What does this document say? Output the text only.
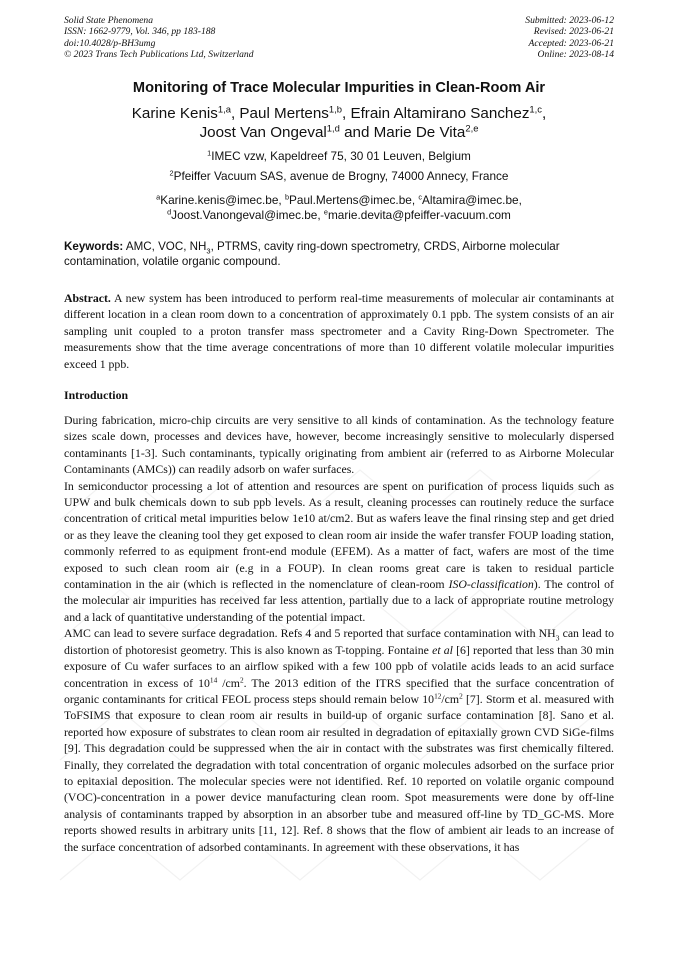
Solid State Phenomena
ISSN: 1662-9779, Vol. 346, pp 183-188
doi:10.4028/p-BH3umg
© 2023 Trans Tech Publications Ltd, Switzerland
Submitted: 2023-06-12
Revised: 2023-06-21
Accepted: 2023-06-21
Online: 2023-08-14
Monitoring of Trace Molecular Impurities in Clean-Room Air
Karine Kenis$^{1,a}$, Paul Mertens$^{1,b}$, Efrain Altamirano Sanchez$^{1,c}$,
Joost Van Ongeval$^{1,d}$ and Marie De Vita$^{2,e}$
$^1$IMEC vzw, Kapeldreef 75, 30 01 Leuven, Belgium
$^2$Pfeiffer Vacuum SAS, avenue de Brogny, 74000 Annecy, France
$^a$Karine.kenis@imec.be, $^b$Paul.Mertens@imec.be, $^c$Altamira@imec.be,
$^d$Joost.Vanongeval@imec.be, $^e$marie.devita@pfeiffer-vacuum.com
Keywords: AMC, VOC, $NH_3$, PTRMS, cavity ring-down spectrometry, CRDS, Airborne molecular contamination, volatile organic compound.
Abstract. A new system has been introduced to perform real-time measurements of molecular air contaminants at different location in a clean room down to a concentration of approximately 0.1 ppb. The system consists of an air sampling unit coupled to a proton transfer mass spectrometer and a Cavity Ring-Down Spectrometer. The measurements show that the time average concentrations of more than 10 different volatile molecular impurities exceed 1 ppb.
Introduction

During fabrication, micro-chip circuits are very sensitive to all kinds of contamination. As the technology feature sizes scale down, processes and devices have, however, become increasingly sensitive to molecularly dispersed contaminants [1-3]. Such contaminants, typically originating from ambient air (referred to as Airborne Molecular Contaminants (AMCs)) can readily adsorb on wafer surfaces.

In semiconductor processing a lot of attention and resources are spent on purification of process liquids such as UPW and bulk chemicals down to sub ppb levels. As a result, cleaning processes can routinely reduce the surface concentration of critical metal impurities below 1e10 at/cm2. But as wafers leave the final rinsing step and get dried or as they leave the cleaning tool they get exposed to clean room air inside the wafer transfer FOUP loading station, commonly referred to as equipment front-end module (EFEM). As a matter of fact, wafers are most of the time exposed to such clean room air (e.g in a FOUP). In clean rooms great care is taken to residual particle contamination in the air (which is reflected in the nomenclature of clean-room ISO-classification). The control of the molecular air impurities has received far less attention, partially due to a lack of appropriate routine metrology and a lack of quantitative understanding of the potential impact.

AMC can lead to severe surface degradation. Refs 4 and 5 reported that surface contamination with $NH_3$ can lead to distortion of photoresist geometry. This is also known as T-topping. Fontaine et al [6] reported that less than 30 min exposure of Cu wafer surfaces to an airflow spiked with a few 100 ppb of volatile acids leads to an acid surface concentration in excess of $10^{14}$ $/cm^2$. The 2013 edition of the ITRS specified that the surface concentration of organic contaminants for critical FEOL process steps should remain below $10^{12}/cm^2$ [7]. Storm et al. measured with ToFSIMS that exposure to clean room air results in build-up of organic surface contamination [8]. Sano et al. reported how exposure of substrates to clean room air resulted in degradation of epitaxially grown CVD SiGe-films [9]. This degradation could be suppressed when the air in contact with the substrates was first chemically filtered. Finally, they correlated the degradation with total concentration of organic molecules adsorbed on the surface prior to epitaxial deposition. The molecular species were not identified. Ref. 10 reported on volatile organic compound (VOC)-concentration in a power device manufacturing clean room. Spot measurements were done by off-line analysis of contaminants trapped by absorption in an absorber tube and measured off-line by TD_GC-MS. More reports showed results in arbitrary units [11, 12]. Ref. 8 shows that the flow of ambient air leads to an increase of the surface concentration of adsorbed contaminants. In agreement with these observations, it has
